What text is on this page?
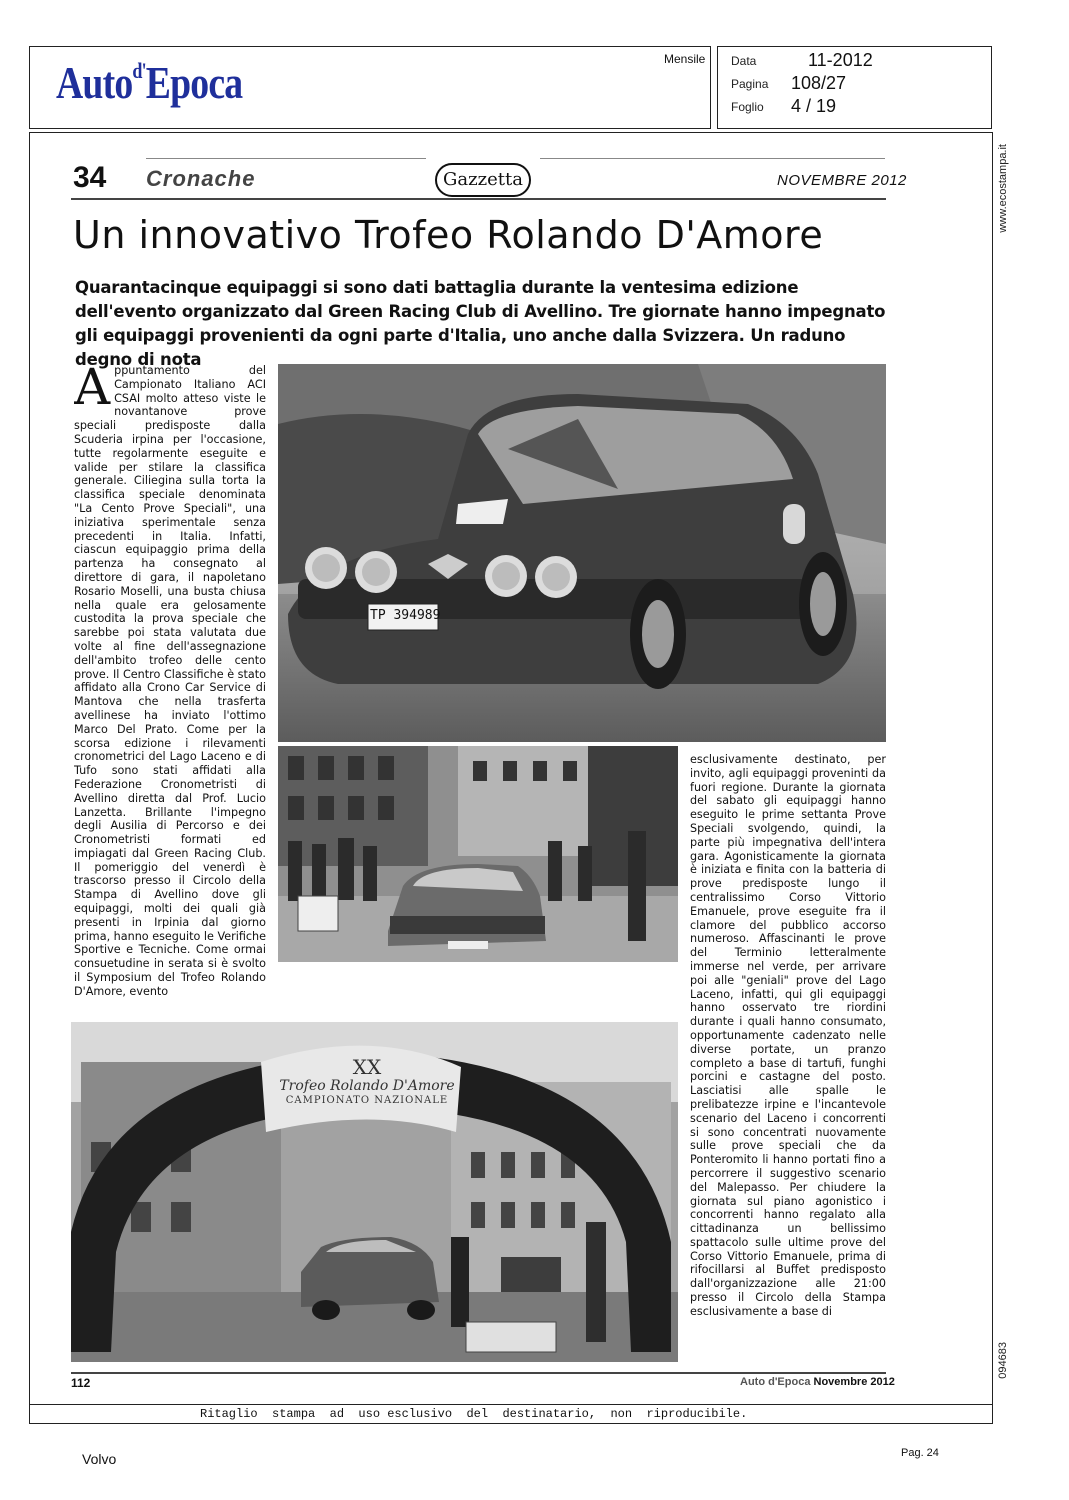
Auto$^{d'}$Epoca	Mensile Data	11-2012
Pagina 108/27
Foglio 4 / 19
www.ecostampa.it
094683
34 Cronache	Gazzetta	NOVEMBRE 2012
Un innovativo Trofeo Rolando D'Amore
Quarantacinque equipaggi si sono dati battaglia durante la ventesima edizione dell'evento organizzato dal Green Racing Club di Avellino. Tre giornate hanno impegnato gli equipaggi provenienti da ogni parte d'Italia, uno anche dalla Svizzera. Un raduno degno di nota
Appuntamento del Campionato Italiano ACI CSAI molto atteso viste le novantanove prove speciali predisposte dalla Scuderia irpina per l'occasione, tutte regolarmente eseguite e valide per stilare la classifica generale. Ciliegina sulla torta la classifica speciale denominata "La Cento Prove Speciali", una iniziativa sperimentale senza precedenti in Italia. Infatti, ciascun equipaggio prima della partenza ha consegnato al direttore di gara, il napoletano Rosario Moselli, una busta chiusa nella quale era gelosamente custodita la prova speciale che sarebbe poi stata valutata due volte al fine dell'assegnazione dell'ambito trofeo delle cento prove. Il Centro Classifiche è stato affidato alla Crono Car Service di Mantova che nella trasferta avellinese ha inviato l'ottimo Marco Del Prato. Come per la scorsa edizione i rilevamenti cronometrici del Lago Laceno e di Tufo sono stati affidati alla Federazione Cronometristi di Avellino diretta dal Prof. Lucio Lanzetta. Brillante l'impegno degli Ausilia di Percorso e dei Cronometristi formati ed impiagati dal Green Racing Club. Il pomeriggio del venerdì è trascorso presso il Circolo della Stampa di Avellino dove gli equipaggi, molti dei quali già presenti in Irpinia dal giorno prima, hanno eseguito le Verifiche Sportive e Tecniche. Come ormai consuetudine in serata si è svolto il Symposium del Trofeo Rolando D'Amore, evento
TP 394989
XX
Trofeo Rolando D'Amore
CAMPIONATO NAZIONALE
esclusivamente destinato, per invito, agli equipaggi proveninti da fuori regione. Durante la giornata del sabato gli equipaggi hanno eseguito le prime settanta Prove Speciali svolgendo, quindi, la parte più impegnativa dell'intera gara. Agonisticamente la giornata è iniziata e finita con la batteria di prove predisposte lungo il centralissimo Corso Vittorio Emanuele, prove eseguite fra il clamore del pubblico accorso numeroso. Affascinanti le prove del Terminio letteralmente immerse nel verde, per arrivare poi alle "geniali" prove del Lago Laceno, infatti, qui gli equipaggi hanno osservato tre riordini durante i quali hanno consumato, opportunamente cadenzato nelle diverse portate, un pranzo completo a base di tartufi, funghi porcini e castagne del posto. Lasciatisi alle spalle le prelibatezze irpine e l'incantevole scenario del Laceno i concorrenti si sono concentrati nuovamente sulle prove speciali che da Ponteromito li hanno portati fino a percorrere il suggestivo scenario del Malepasso. Per chiudere la giornata sul piano agonistico i concorrenti hanno regalato alla cittadinanza un bellissimo spattacolo sulle ultime prove del Corso Vittorio Emanuele, prima di rifocillarsi al Buffet predisposto dall'organizzazione alle 21:00 presso il Circolo della Stampa esclusivamente a base di
112	Auto d'Epoca Novembre 2012
Ritaglio  stampa  ad  uso esclusivo  del  destinatario,  non  riproducibile.
Volvo	Pag. 24
